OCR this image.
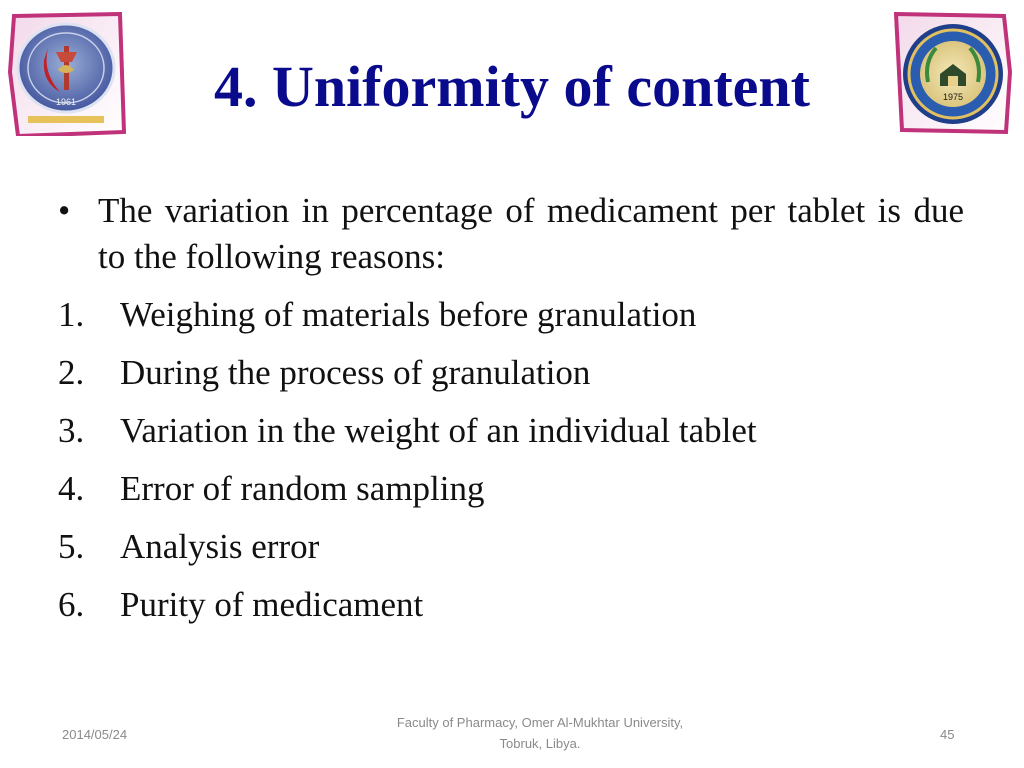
1961	1975
4. Uniformity of content
• The variation in percentage of medicament per tablet is due to the following reasons:
1.	Weighing of materials before granulation
2.	During the process of granulation
3.	Variation in the weight of an individual tablet
4.	Error of random sampling
5.	Analysis error
6.	Purity of medicament
2014/05/24
Faculty of Pharmacy, Omer Al-Mukhtar University,
Tobruk, Libya.
45
